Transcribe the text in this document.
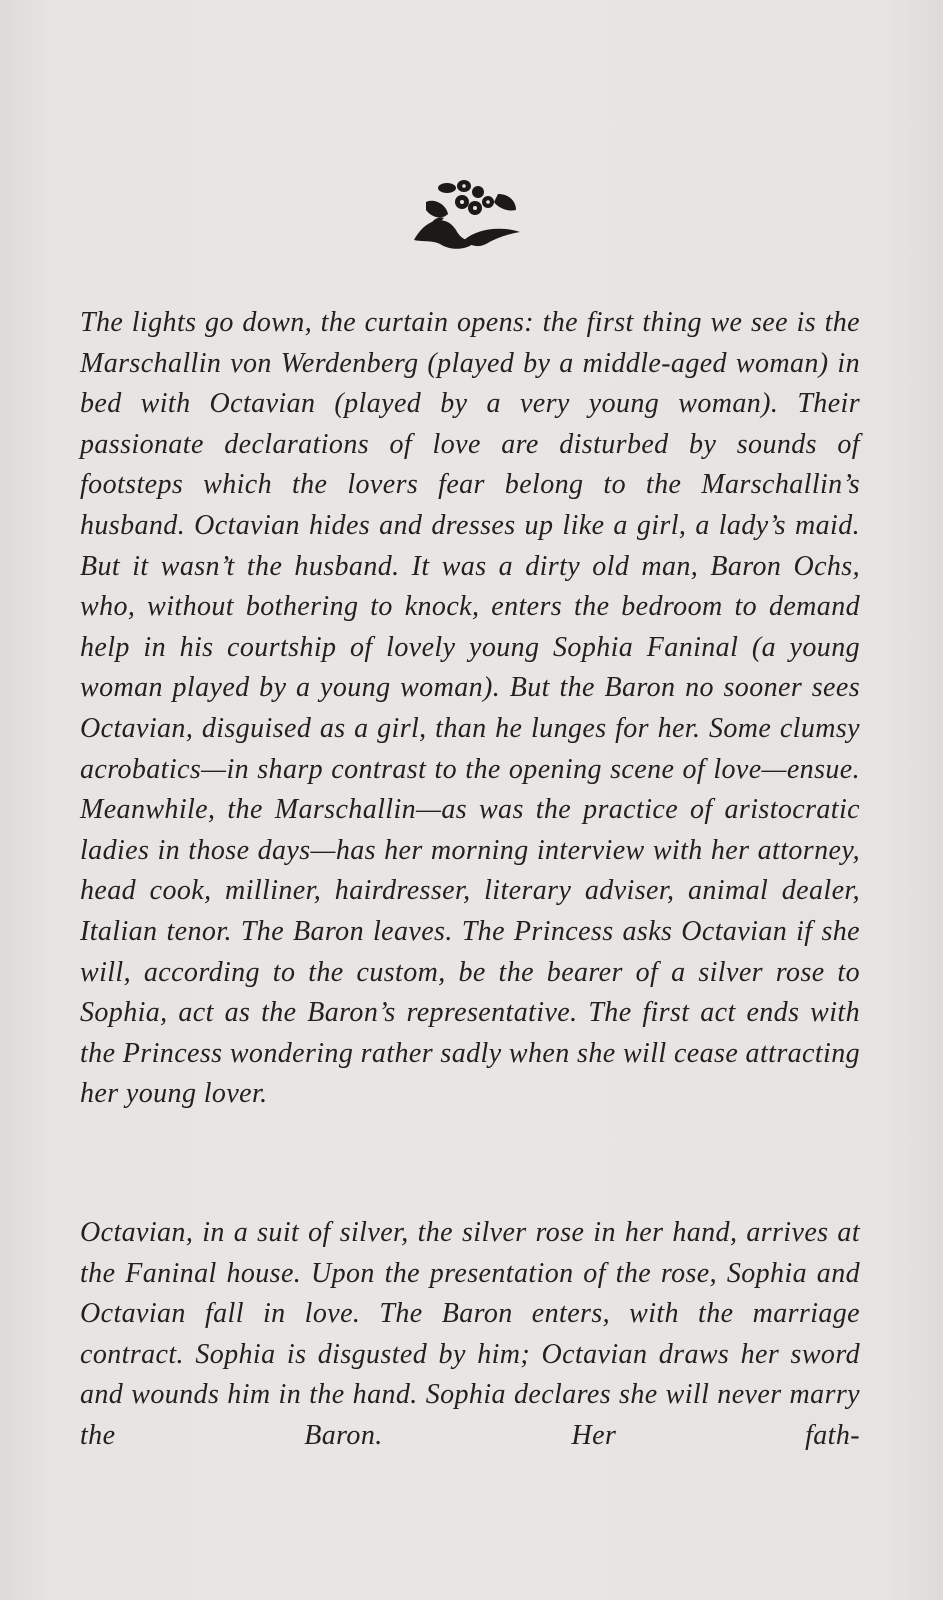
The lights go down, the curtain opens: the first thing we see is the Marschallin von Werdenberg (played by a middle-aged woman) in bed with Octavian (played by a very young woman). Their passionate declarations of love are disturbed by sounds of footsteps which the lovers fear belong to the Marschallin’s husband. Octavian hides and dresses up like a girl, a lady’s maid. But it wasn’t the husband. It was a dirty old man, Baron Ochs, who, without bothering to knock, enters the bedroom to demand help in his courtship of lovely young Sophia Faninal (a young woman played by a young woman). But the Baron no sooner sees Octavian, disguised as a girl, than he lunges for her. Some clumsy acrobatics—in sharp contrast to the opening scene of love—ensue. Meanwhile, the Marschallin—as was the practice of aristocratic ladies in those days—has her morning interview with her attorney, head cook, milliner, hairdresser, literary adviser, animal dealer, Italian tenor. The Baron leaves. The Princess asks Octavian if she will, according to the custom, be the bearer of a silver rose to Sophia, act as the Baron’s representative. The first act ends with the Princess wondering rather sadly when she will cease attracting her young lover.

Octavian, in a suit of silver, the silver rose in her hand, arrives at the Faninal house. Upon the presentation of the rose, Sophia and Octavian fall in love. The Baron enters, with the marriage contract. Sophia is disgusted by him; Octavian draws her sword and wounds him in the hand. Sophia declares she will never marry the Baron. Her fath-
